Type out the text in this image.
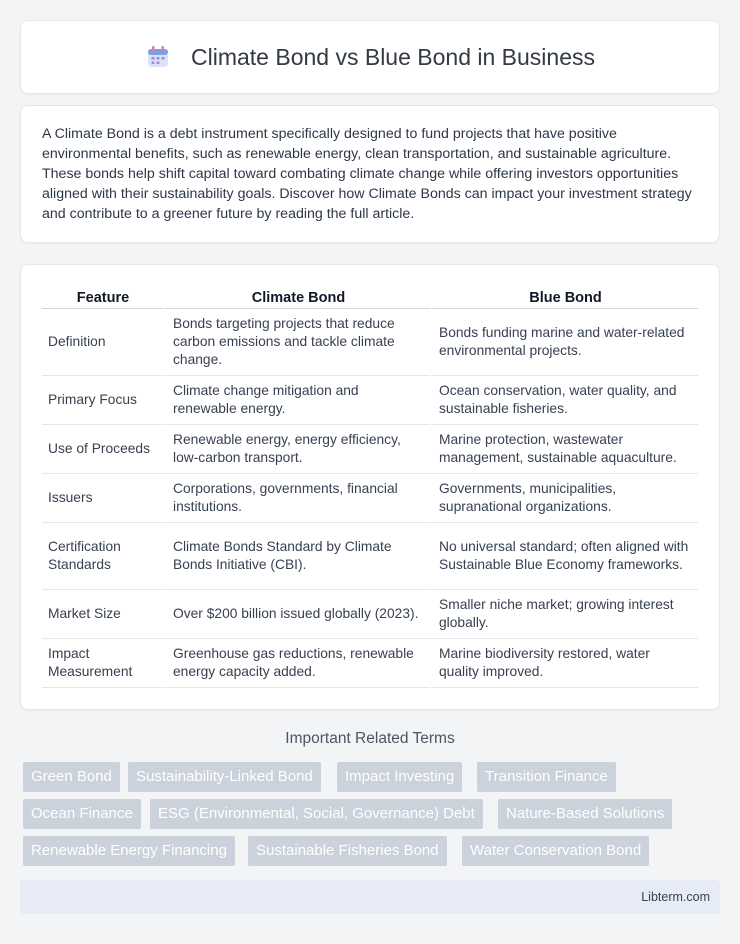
Climate Bond vs Blue Bond in Business

A Climate Bond is a debt instrument specifically designed to fund projects that have positive environmental benefits, such as renewable energy, clean transportation, and sustainable agriculture. These bonds help shift capital toward combating climate change while offering investors opportunities aligned with their sustainability goals. Discover how Climate Bonds can impact your investment strategy and contribute to a greener future by reading the full article.

Feature	Climate Bond	Blue Bond
Definition	Bonds targeting projects that reduce carbon emissions and tackle climate change.	Bonds funding marine and water-related environmental projects.
Primary Focus	Climate change mitigation and renewable energy.	Ocean conservation, water quality, and sustainable fisheries.
Use of Proceeds	Renewable energy, energy efficiency, low-carbon transport.	Marine protection, wastewater management, sustainable aquaculture.
Issuers	Corporations, governments, financial institutions.	Governments, municipalities, supranational organizations.
Certification Standards	Climate Bonds Standard by Climate Bonds Initiative (CBI).	No universal standard; often aligned with Sustainable Blue Economy frameworks.
Market Size	Over $200 billion issued globally (2023).	Smaller niche market; growing interest globally.
Impact Measurement	Greenhouse gas reductions, renewable energy capacity added.	Marine biodiversity restored, water quality improved.
Important Related Terms
Green Bond	Sustainability-Linked Bond	Impact Investing	Transition Finance
Ocean Finance	ESG (Environmental, Social, Governance) Debt	Nature-Based Solutions
Renewable Energy Financing	Sustainable Fisheries Bond	Water Conservation Bond
Libterm.com
